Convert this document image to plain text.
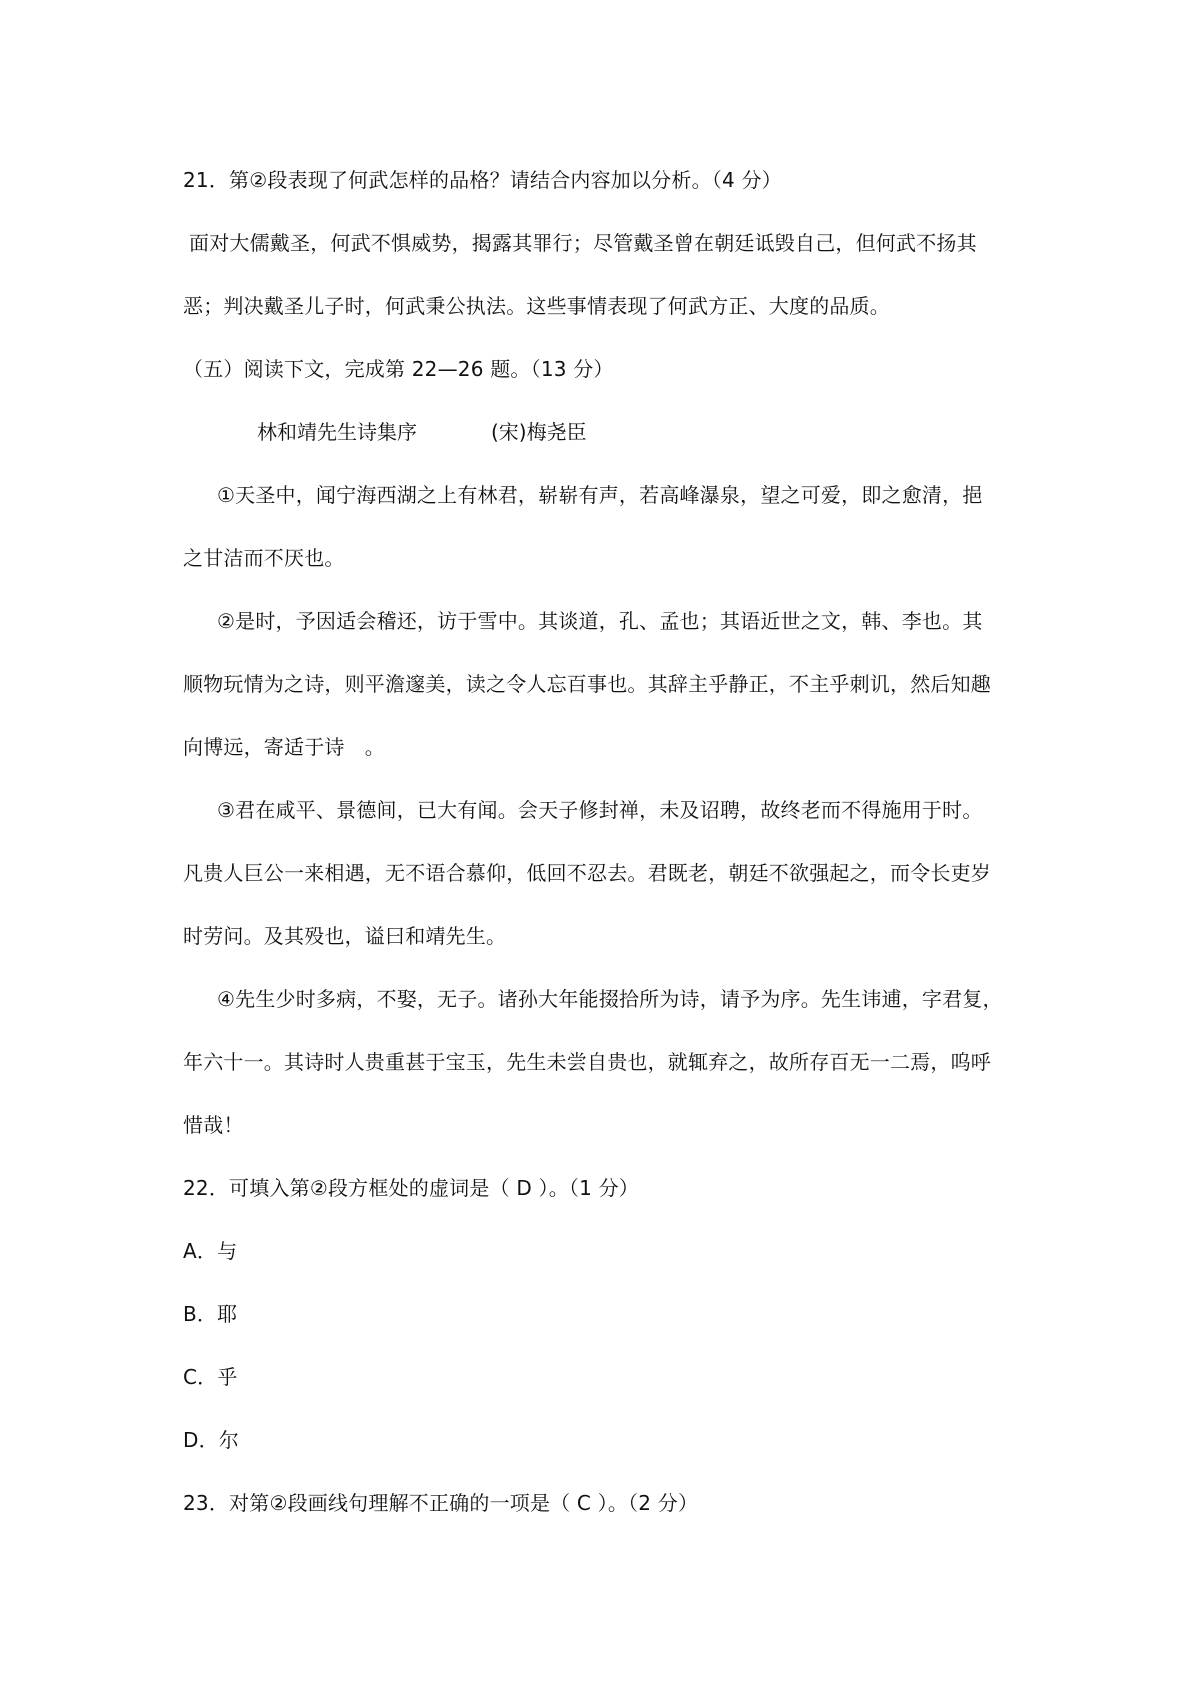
21．第②段表现了何武怎样的品格？请结合内容加以分析。（4 分）
面对大儒戴圣，何武不惧威势，揭露其罪行；尽管戴圣曾在朝廷诋毁自己，但何武不扬其
恶；判决戴圣儿子时，何武秉公执法。这些事情表现了何武方正、大度的品质。
（五）阅读下文，完成第 22—26 题。（13 分）
林和靖先生诗集序	(宋)梅尧臣
①天圣中，闻宁海西湖之上有林君，崭崭有声，若高峰瀑泉，望之可爱，即之愈清，挹
之甘洁而不厌也。
②是时，予因适会稽还，访于雪中。其谈道，孔、孟也；其语近世之文，韩、李也。其
顺物玩情为之诗，则平澹邃美，读之令人忘百事也。其辞主乎静正，不主乎刺讥，然后知趣
向博远，寄适于诗　。
③君在咸平、景德间，已大有闻。会天子修封禅，未及诏聘，故终老而不得施用于时。
凡贵人巨公一来相遇，无不语合慕仰，低回不忍去。君既老，朝廷不欲强起之，而令长吏岁
时劳问。及其殁也，谥曰和靖先生。
④先生少时多病，不娶，无子。诸孙大年能掇拾所为诗，请予为序。先生讳逋，字君复，
年六十一。其诗时人贵重甚于宝玉，先生未尝自贵也，就辄弃之，故所存百无一二焉，呜呼
惜哉！
22．可填入第②段方框处的虚词是（ D ）。（1 分）
A．与
B．耶
C．乎
D．尔
23．对第②段画线句理解不正确的一项是（ C ）。（2 分）
